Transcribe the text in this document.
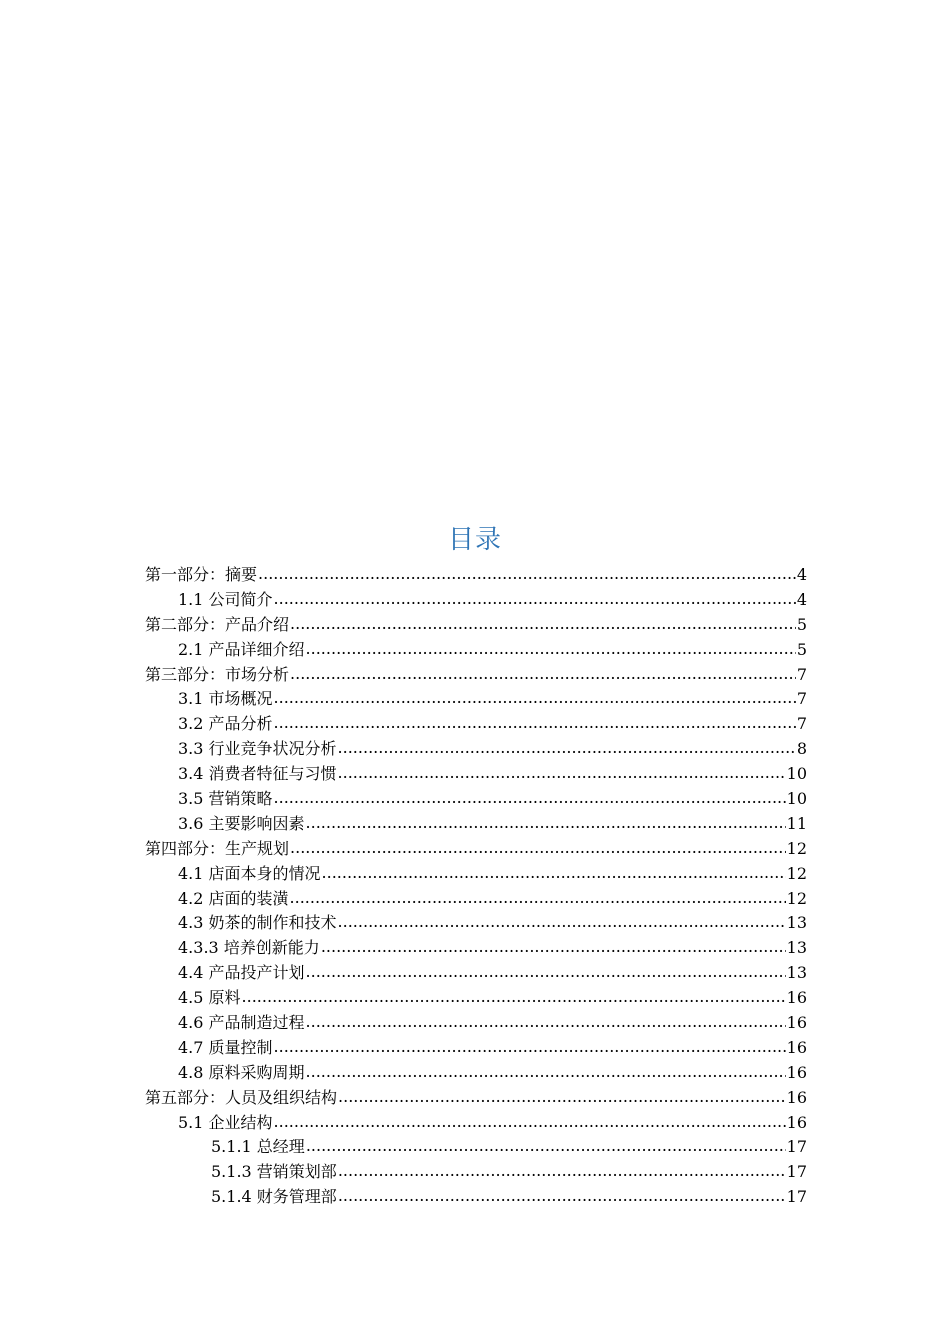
目录
第一部分：摘要 .....	4
1.1 公司简介 .....	4
第二部分：产品介绍 .....	5
2.1 产品详细介绍 .....	5
第三部分：市场分析 .....	7
3.1 市场概况 .....	7
3.2 产品分析 .....	7
3.3 行业竞争状况分析 .....	8
3.4 消费者特征与习惯 .....	10
3.5 营销策略 .....	10
3.6 主要影响因素 .....	11
第四部分：生产规划 .....	12
4.1 店面本身的情况 .....	12
4.2 店面的装潢 .....	12
4.3 奶茶的制作和技术 .....	13
4.3.3 培养创新能力 .....	13
4.4 产品投产计划 .....	13
4.5 原料 .....	16
4.6 产品制造过程 .....	16
4.7 质量控制 .....	16
4.8 原料采购周期 .....	16
第五部分：人员及组织结构 .....	16
5.1 企业结构 .....	16
5.1.1 总经理 .....	17
5.1.3 营销策划部 .....	17
5.1.4 财务管理部 .....	17
